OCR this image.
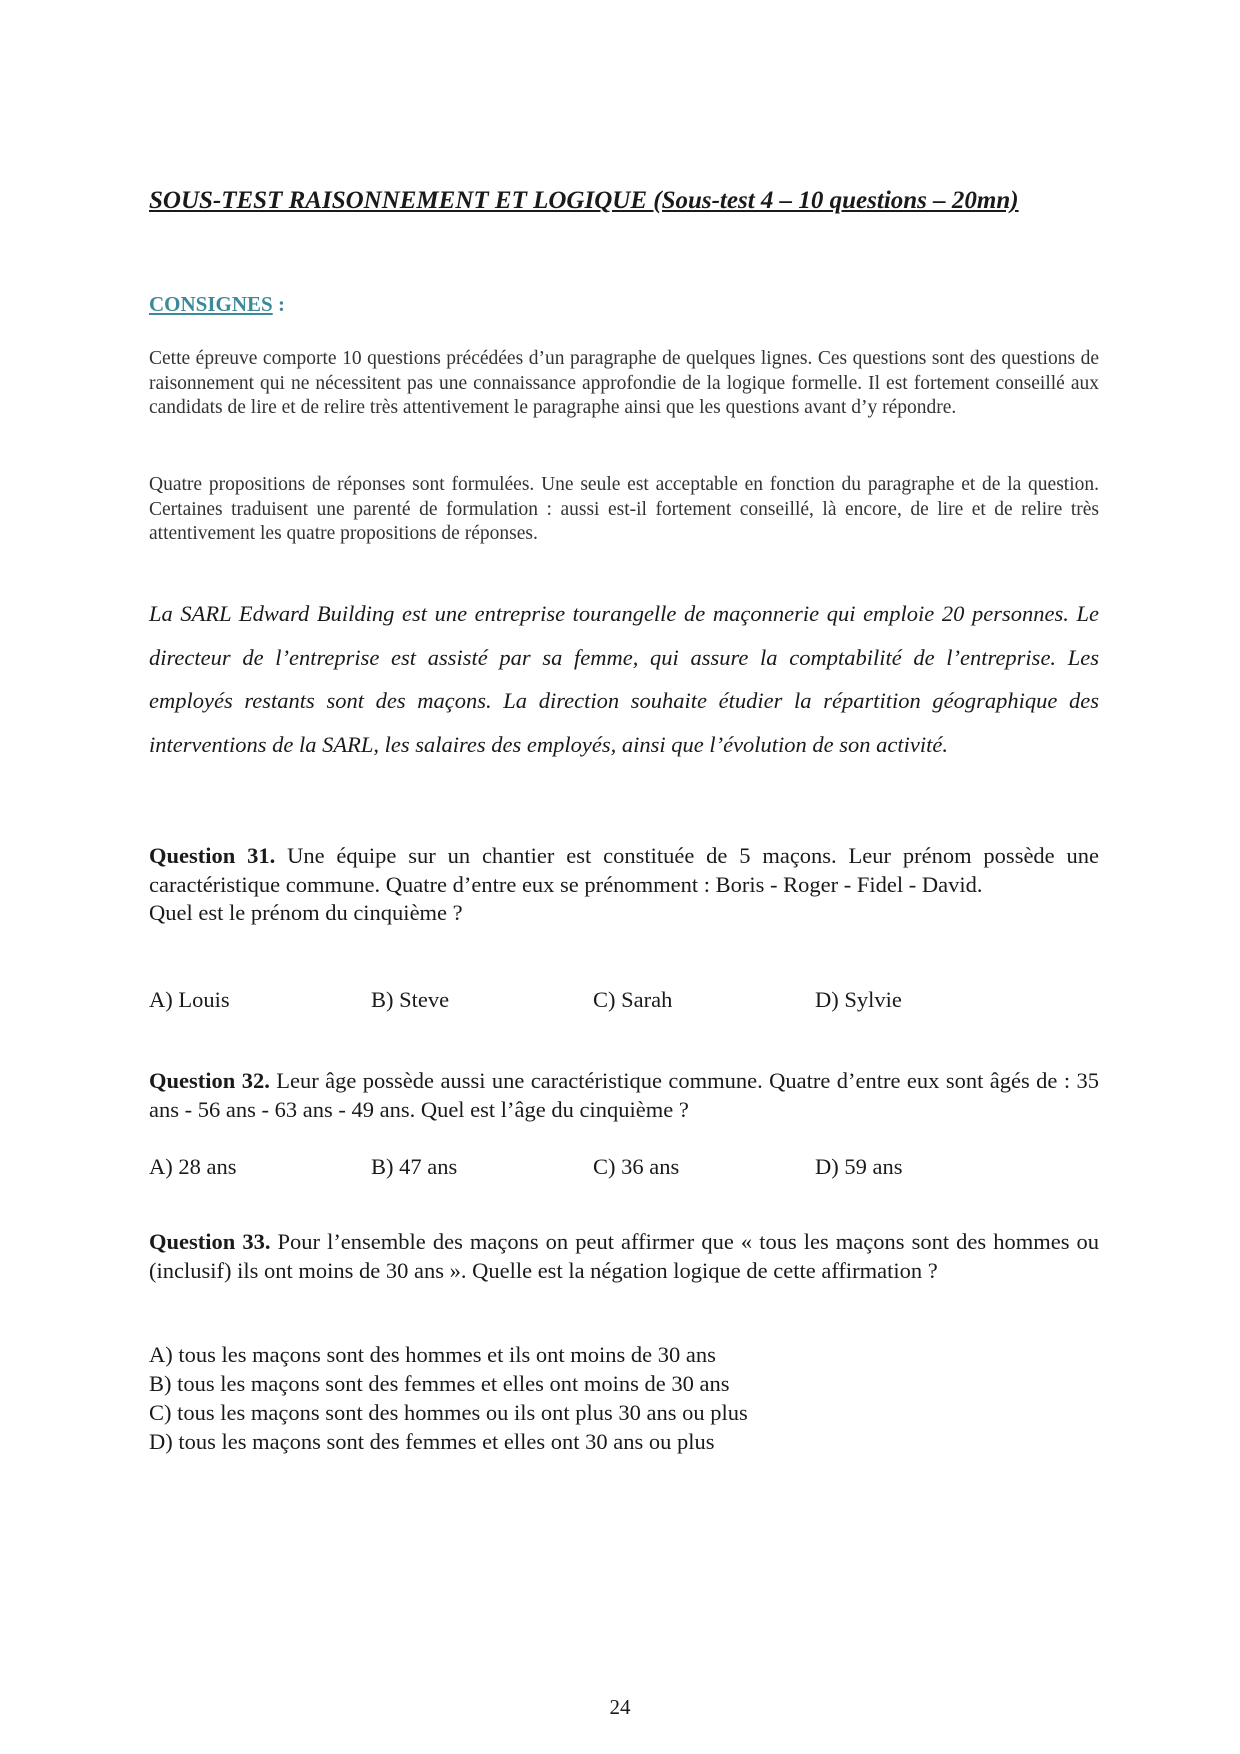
SOUS-TEST RAISONNEMENT ET LOGIQUE (Sous-test 4 – 10 questions – 20mn)
CONSIGNES :

Cette épreuve comporte 10 questions précédées d’un paragraphe de quelques lignes. Ces questions sont des questions de raisonnement qui ne nécessitent pas une connaissance approfondie de la logique formelle. Il est fortement conseillé aux candidats de lire et de relire très attentivement le paragraphe ainsi que les questions avant d’y répondre.

Quatre propositions de réponses sont formulées. Une seule est acceptable en fonction du paragraphe et de la question. Certaines traduisent une parenté de formulation : aussi est-il fortement conseillé, là encore, de lire et de relire très attentivement les quatre propositions de réponses.

La SARL Edward Building est une entreprise tourangelle de maçonnerie qui emploie 20 personnes. Le directeur de l’entreprise est assisté par sa femme, qui assure la comptabilité de l’entreprise. Les employés restants sont des maçons. La direction souhaite étudier la répartition géographique des interventions de la SARL, les salaires des employés, ainsi que l’évolution de son activité.

Question 31. Une équipe sur un chantier est constituée de 5 maçons. Leur prénom possède une caractéristique commune. Quatre d’entre eux se prénomment : Boris - Roger - Fidel - David.
Quel est le prénom du cinquième ?
A) Louis	B) Steve	C) Sarah	D) Sylvie
Question 32. Leur âge possède aussi une caractéristique commune. Quatre d’entre eux sont âgés de : 35 ans - 56 ans - 63 ans - 49 ans. Quel est l’âge du cinquième ?
A) 28 ans	B) 47 ans	C) 36 ans	D) 59 ans
Question 33. Pour l’ensemble des maçons on peut affirmer que « tous les maçons sont des hommes ou (inclusif) ils ont moins de 30 ans ». Quelle est la négation logique de cette affirmation ?
A) tous les maçons sont des hommes et ils ont moins de 30 ans
B) tous les maçons sont des femmes et elles ont moins de 30 ans
C) tous les maçons sont des hommes ou ils ont plus 30 ans ou plus
D) tous les maçons sont des femmes et elles ont 30 ans ou plus
24
